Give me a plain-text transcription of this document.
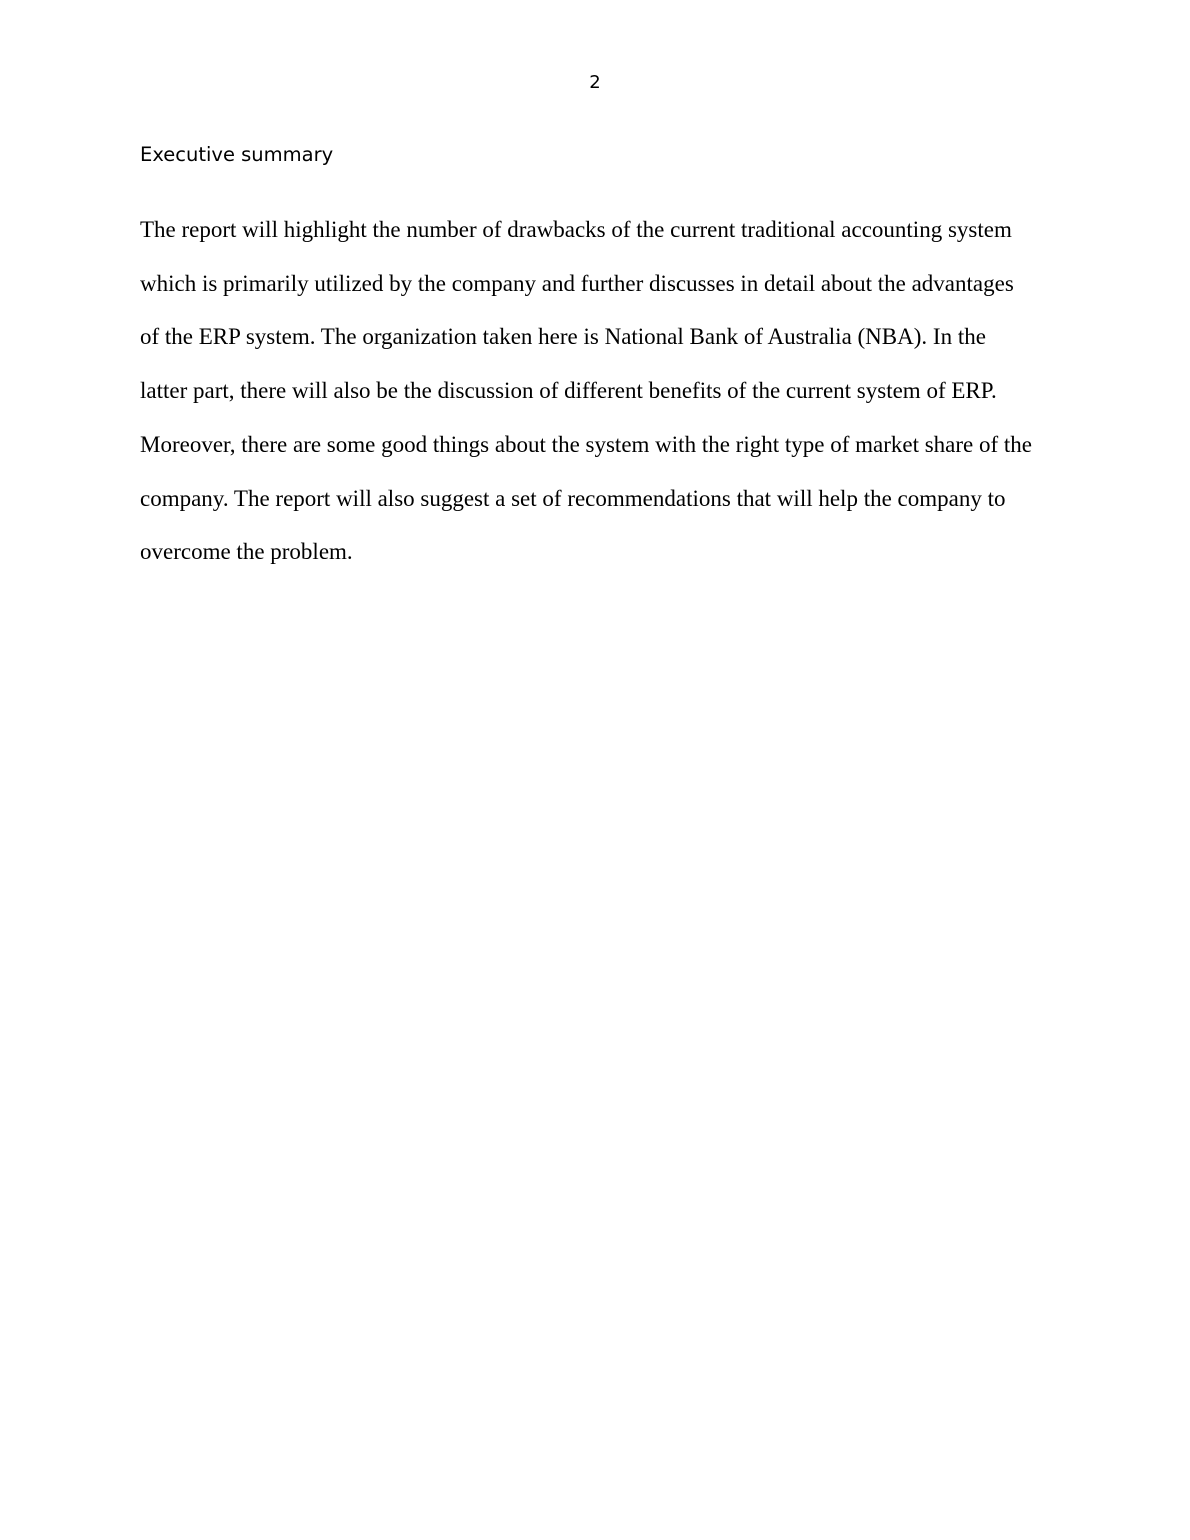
2
Executive summary
The report will highlight the number of drawbacks of the current traditional accounting system
which is primarily utilized by the company and further discusses in detail about the advantages
of the ERP system. The organization taken here is National Bank of Australia (NBA). In the
latter part, there will also be the discussion of different benefits of the current system of ERP.
Moreover, there are some good things about the system with the right type of market share of the
company. The report will also suggest a set of recommendations that will help the company to
overcome the problem.
